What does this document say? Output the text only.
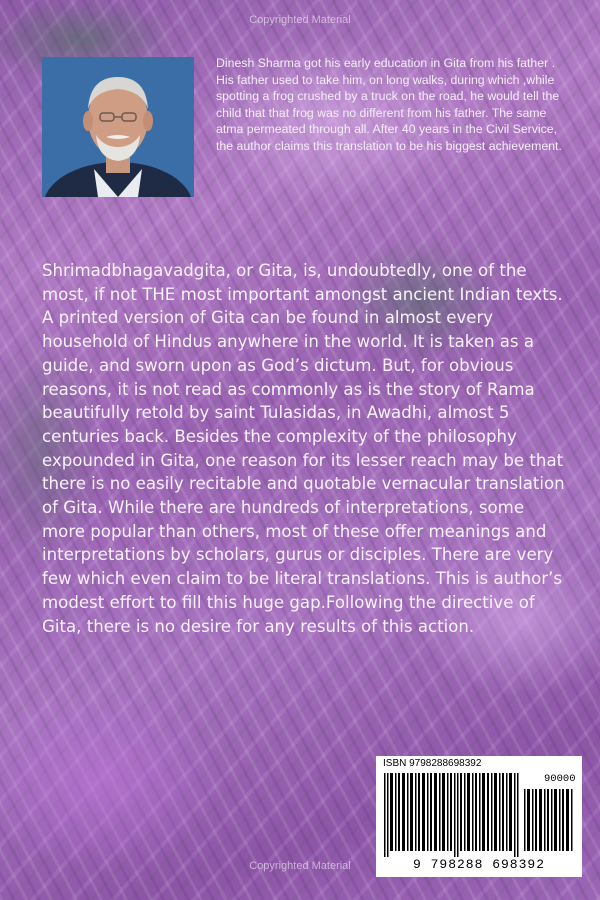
Copyrighted Material
Dinesh Sharma got his early education in Gita from his father . His father used to take him, on long walks, during which ,while spotting a frog crushed by a truck on the road, he would tell the child that that frog was no different from his father. The same atma permeated through all. After 40 years in the Civil Service, the author claims this translation to be his biggest achievement.
Shrimadbhagavadgita, or Gita, is, undoubtedly, one of the most, if not THE most important amongst ancient Indian texts. A printed version of Gita can be found in almost every household of Hindus anywhere in the world. It is taken as a guide, and sworn upon as God’s dictum. But, for obvious reasons, it is not read as commonly as is the story of Rama beautifully retold by saint Tulasidas, in Awadhi, almost 5 centuries back. Besides the complexity of the philosophy expounded in Gita, one reason for its lesser reach may be that there is no easily recitable and quotable vernacular translation of Gita. While there are hundreds of interpretations, some more popular than others, most of these offer meanings and interpretations by scholars, gurus or disciples. There are very few which even claim to be literal translations. This is author’s modest effort to fill this huge gap.Following the directive of Gita, there is no desire for any results of this action.
ISBN 9798288698392
90000
9 798288 698392
Copyrighted Material
